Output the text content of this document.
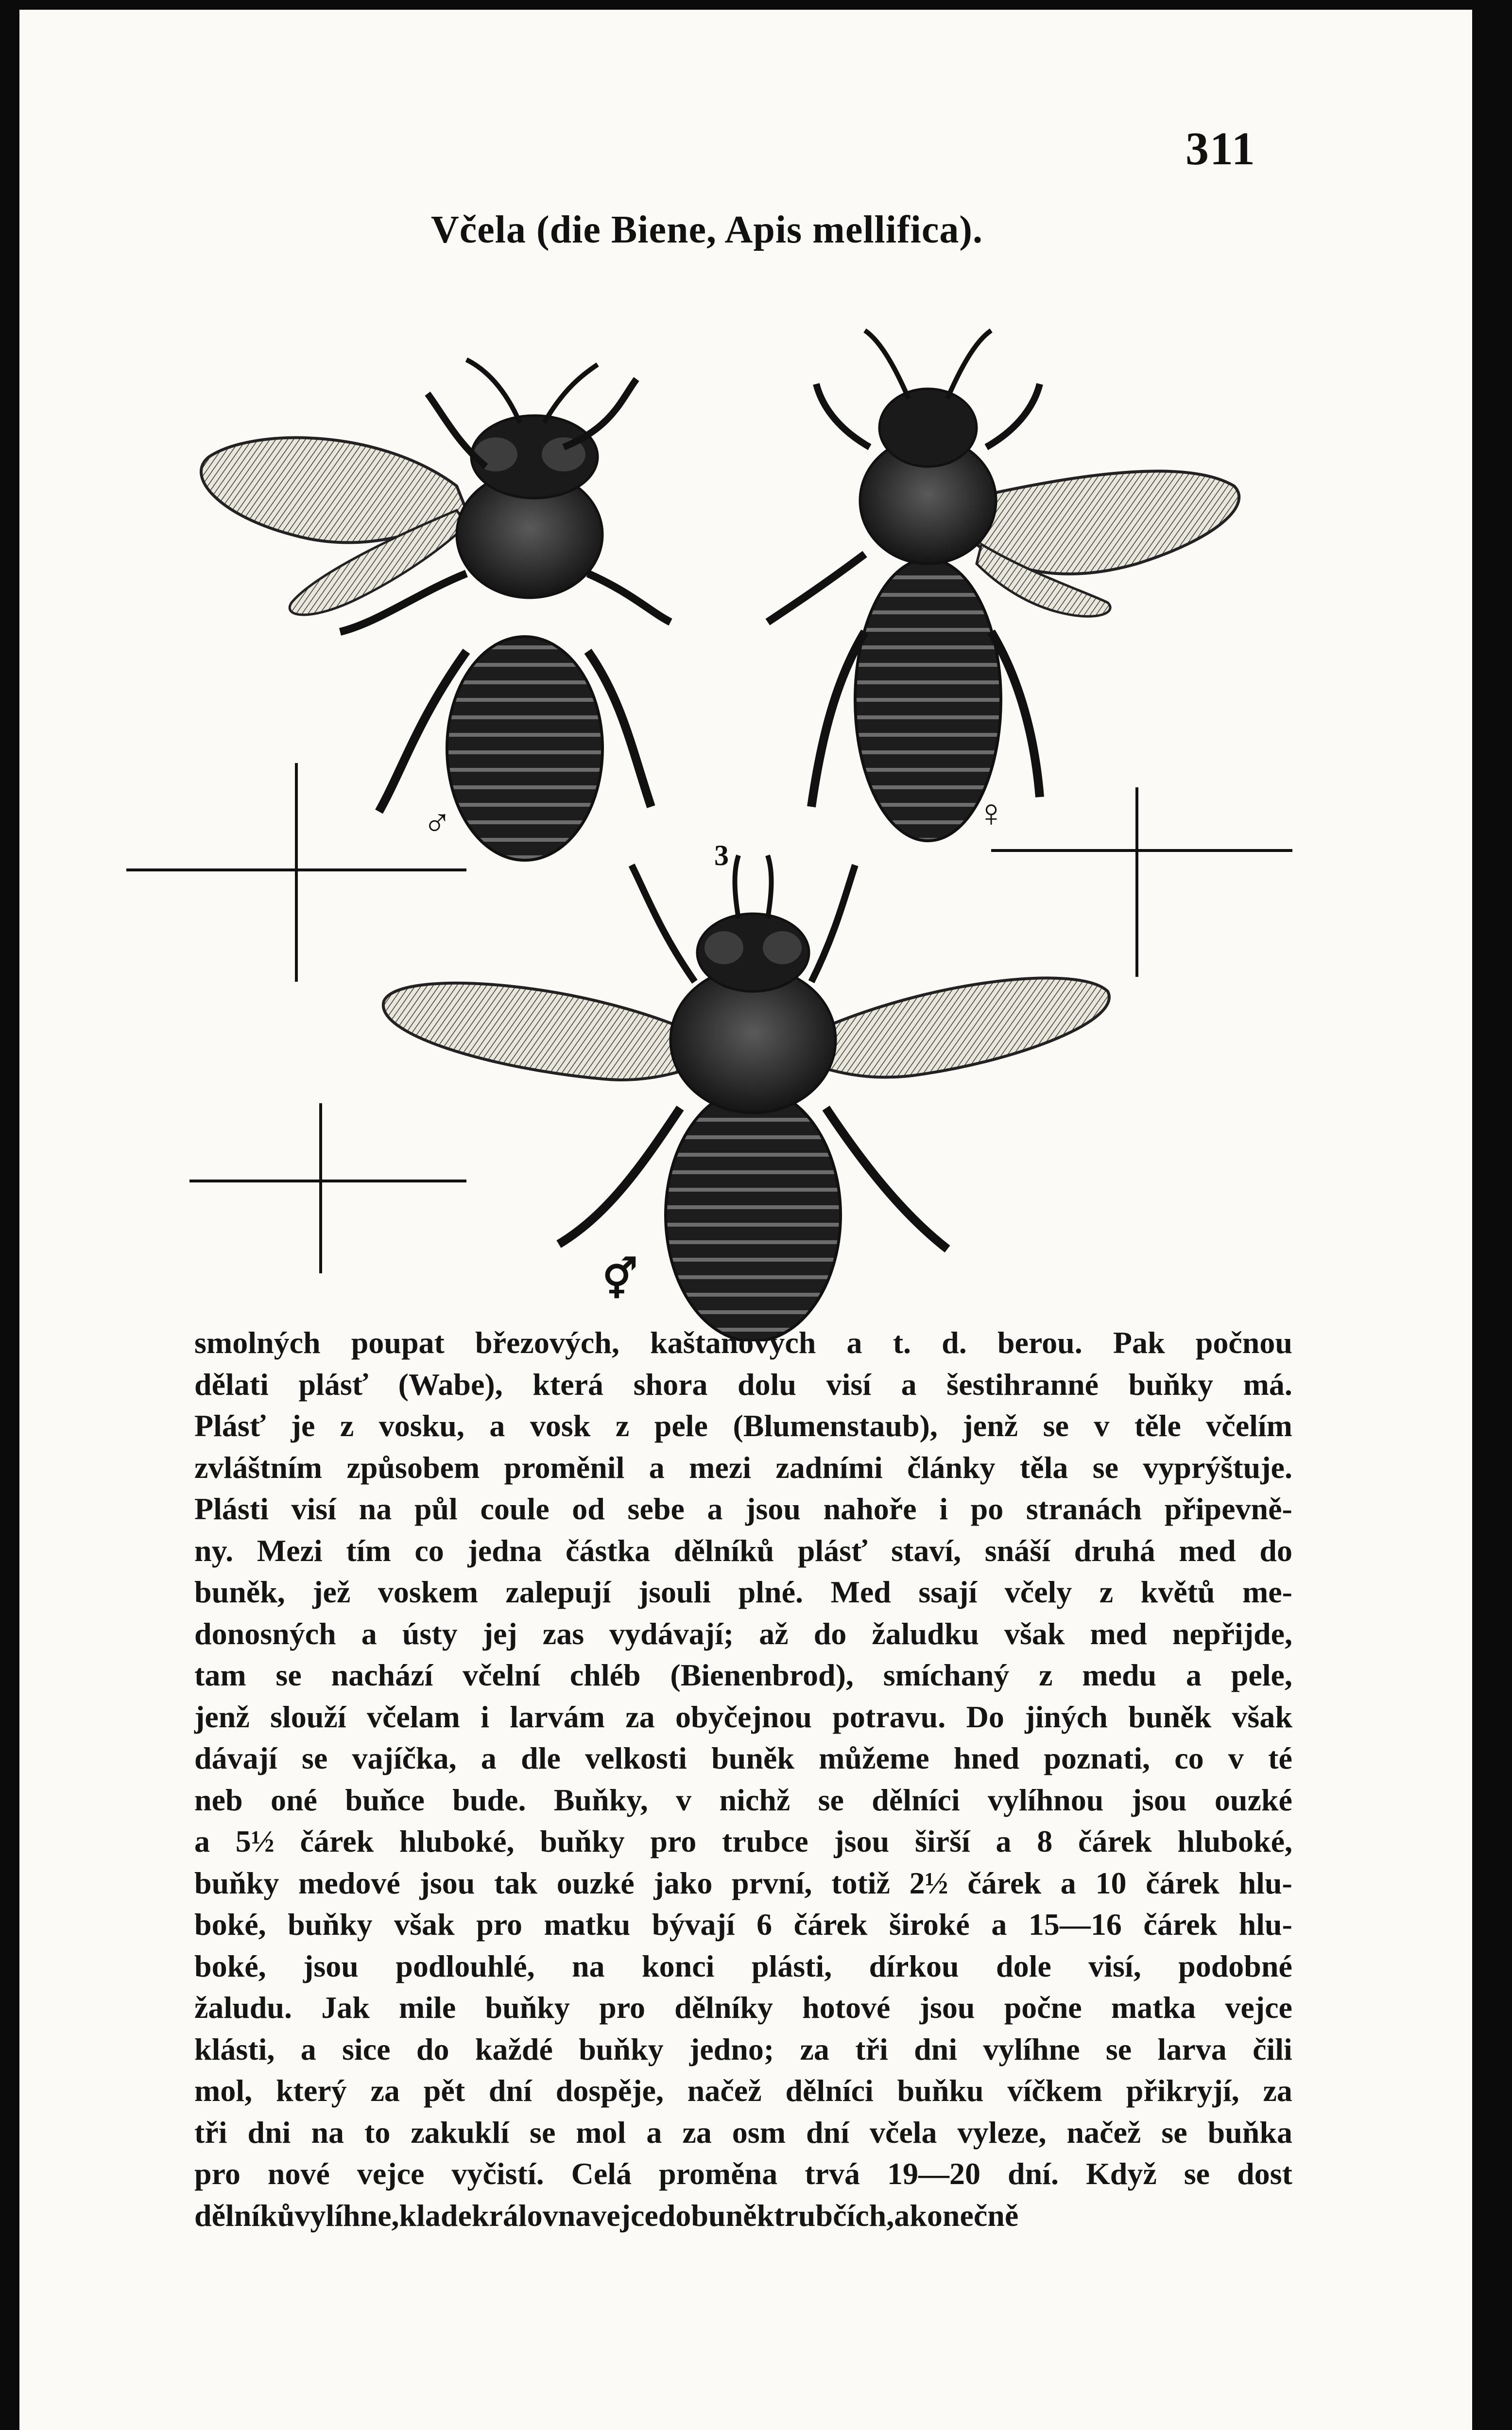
311
Včela (die Biene, Apis mellifica).
♂	♀
3
⚥
smolných poupat březových, kaštanových a t. d. berou. Pak počnou
dělati plásť (Wabe), která shora dolu visí a šestihranné buňky má.
Plásť je z vosku, a vosk z pele (Blumenstaub), jenž se v těle včelím
zvláštním způsobem proměnil a mezi zadními články těla se vyprýštuje.
Plásti visí na půl coule od sebe a jsou nahoře i po stranách připevně-
ny. Mezi tím co jedna částka dělníků plásť staví, snáší druhá med do
buněk, jež voskem zalepují jsouli plné. Med ssají včely z květů me-
donosných a ústy jej zas vydávají; až do žaludku však med nepřijde,
tam se nachází včelní chléb (Bienenbrod), smíchaný z medu a pele,
jenž slouží včelam i larvám za obyčejnou potravu. Do jiných buněk však
dávají se vajíčka, a dle velkosti buněk můžeme hned poznati, co v té
neb oné buňce bude. Buňky, v nichž se dělníci vylíhnou jsou ouzké
a 5½ čárek hluboké, buňky pro trubce jsou širší a 8 čárek hluboké,
buňky medové jsou tak ouzké jako první, totiž 2½ čárek a 10 čárek hlu-
boké, buňky však pro matku bývají 6 čárek široké a 15—16 čárek hlu-
boké, jsou podlouhlé, na konci plásti, dírkou dole visí, podobné
žaludu. Jak mile buňky pro dělníky hotové jsou počne matka vejce
klásti, a sice do každé buňky jedno; za tři dni vylíhne se larva čili
mol, který za pět dní dospěje, načež dělníci buňku víčkem přikryjí, za
tři dni na to zakuklí se mol a za osm dní včela vyleze, načež se buňka
pro nové vejce vyčistí. Celá proměna trvá 19—20 dní. Když se dost
dělníků vylíhne, klade královna vejce do buněk trubčích, a konečně
